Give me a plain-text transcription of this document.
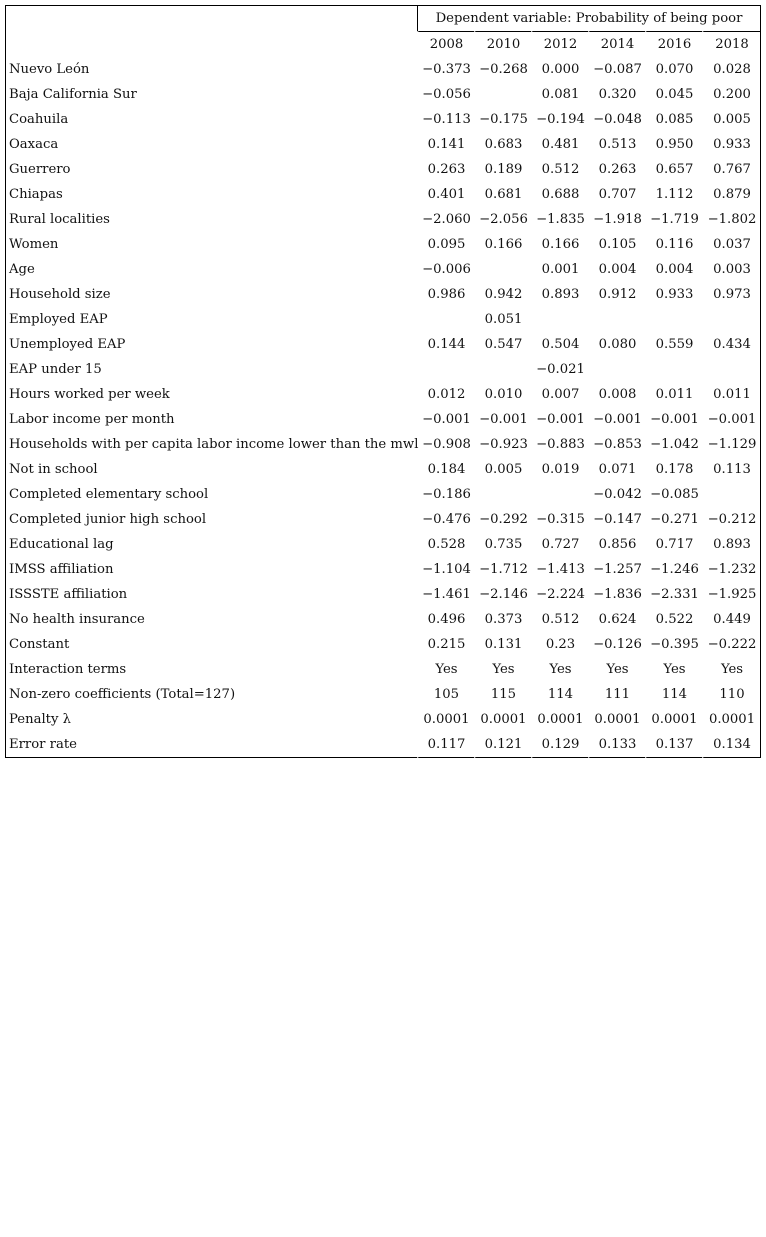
	Dependent variable: Probability of being poor					
	2008	2010	2012	2014	2016	2018
Nuevo León	−0.373	−0.268	0.000	−0.087	0.070	0.028
Baja California Sur	−0.056		0.081	0.320	0.045	0.200
Coahuila	−0.113	−0.175	−0.194	−0.048	0.085	0.005
Oaxaca	0.141	0.683	0.481	0.513	0.950	0.933
Guerrero	0.263	0.189	0.512	0.263	0.657	0.767
Chiapas	0.401	0.681	0.688	0.707	1.112	0.879
Rural localities	−2.060	−2.056	−1.835	−1.918	−1.719	−1.802
Women	0.095	0.166	0.166	0.105	0.116	0.037
Age	−0.006		0.001	0.004	0.004	0.003
Household size	0.986	0.942	0.893	0.912	0.933	0.973
Employed EAP		0.051				
Unemployed EAP	0.144	0.547	0.504	0.080	0.559	0.434
EAP under 15			−0.021			
Hours worked per week	0.012	0.010	0.007	0.008	0.011	0.011
Labor income per month	−0.001	−0.001	−0.001	−0.001	−0.001	−0.001
Households with per capita labor income lower than the mwl	−0.908	−0.923	−0.883	−0.853	−1.042	−1.129
Not in school	0.184	0.005	0.019	0.071	0.178	0.113
Completed elementary school	−0.186			−0.042	−0.085	
Completed junior high school	−0.476	−0.292	−0.315	−0.147	−0.271	−0.212
Educational lag	0.528	0.735	0.727	0.856	0.717	0.893
IMSS affiliation	−1.104	−1.712	−1.413	−1.257	−1.246	−1.232
ISSSTE affiliation	−1.461	−2.146	−2.224	−1.836	−2.331	−1.925
No health insurance	0.496	0.373	0.512	0.624	0.522	0.449
Constant	0.215	0.131	0.23	−0.126	−0.395	−0.222
Interaction terms	Yes	Yes	Yes	Yes	Yes	Yes
Non-zero coefficients (Total=127)	105	115	114	111	114	110
Penalty λ	0.0001	0.0001	0.0001	0.0001	0.0001	0.0001
Error rate	0.117	0.121	0.129	0.133	0.137	0.134
